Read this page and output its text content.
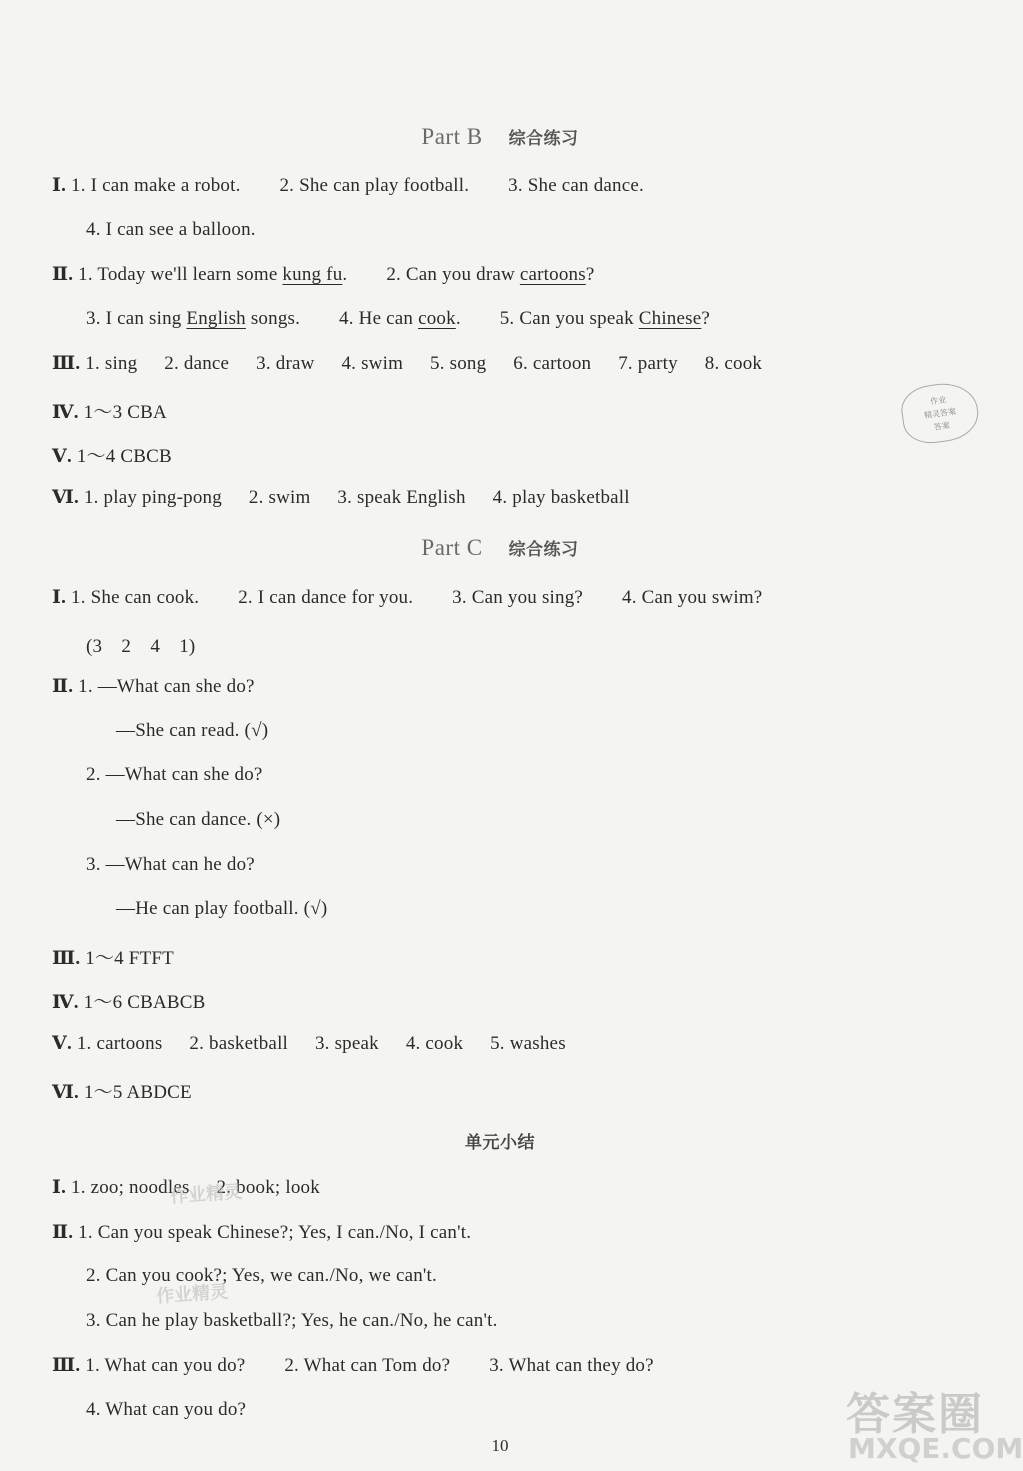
Part B 综合练习
Ⅰ. 1. I can make a robot. 2. She can play football. 3. She can dance.
4. I can see a balloon.
Ⅱ. 1. Today we'll learn some kung fu. 2. Can you draw cartoons?
3. I can sing English songs. 4. He can cook. 5. Can you speak Chinese?
Ⅲ. 1. sing 2. dance 3. draw 4. swim 5. song 6. cartoon 7. party 8. cook
Ⅳ. 1～3 CBA
Ⅴ. 1～4 CBCB
Ⅵ. 1. play ping-pong 2. swim 3. speak English 4. play basketball
Part C 综合练习
Ⅰ. 1. She can cook. 2. I can dance for you. 3. Can you sing? 4. Can you swim?
(3　2　4　1)
Ⅱ. 1. —What can she do?
—She can read. (√)
2. —What can she do?
—She can dance. (×)
3. —What can he do?
—He can play football. (√)
Ⅲ. 1～4 FTFT
Ⅳ. 1～6 CBABCB
Ⅴ. 1. cartoons 2. basketball 3. speak 4. cook 5. washes
Ⅵ. 1～5 ABDCE
单元小结
Ⅰ. 1. zoo; noodles 2. book; look
Ⅱ. 1. Can you speak Chinese?; Yes, I can./No, I can't.
2. Can you cook?; Yes, we can./No, we can't.
3. Can he play basketball?; Yes, he can./No, he can't.
Ⅲ. 1. What can you do? 2. What can Tom do? 3. What can they do?
4. What can you do?
10
作业
精灵答案
答案
作业精灵
作业精灵
答案圈
MXQE.COM
